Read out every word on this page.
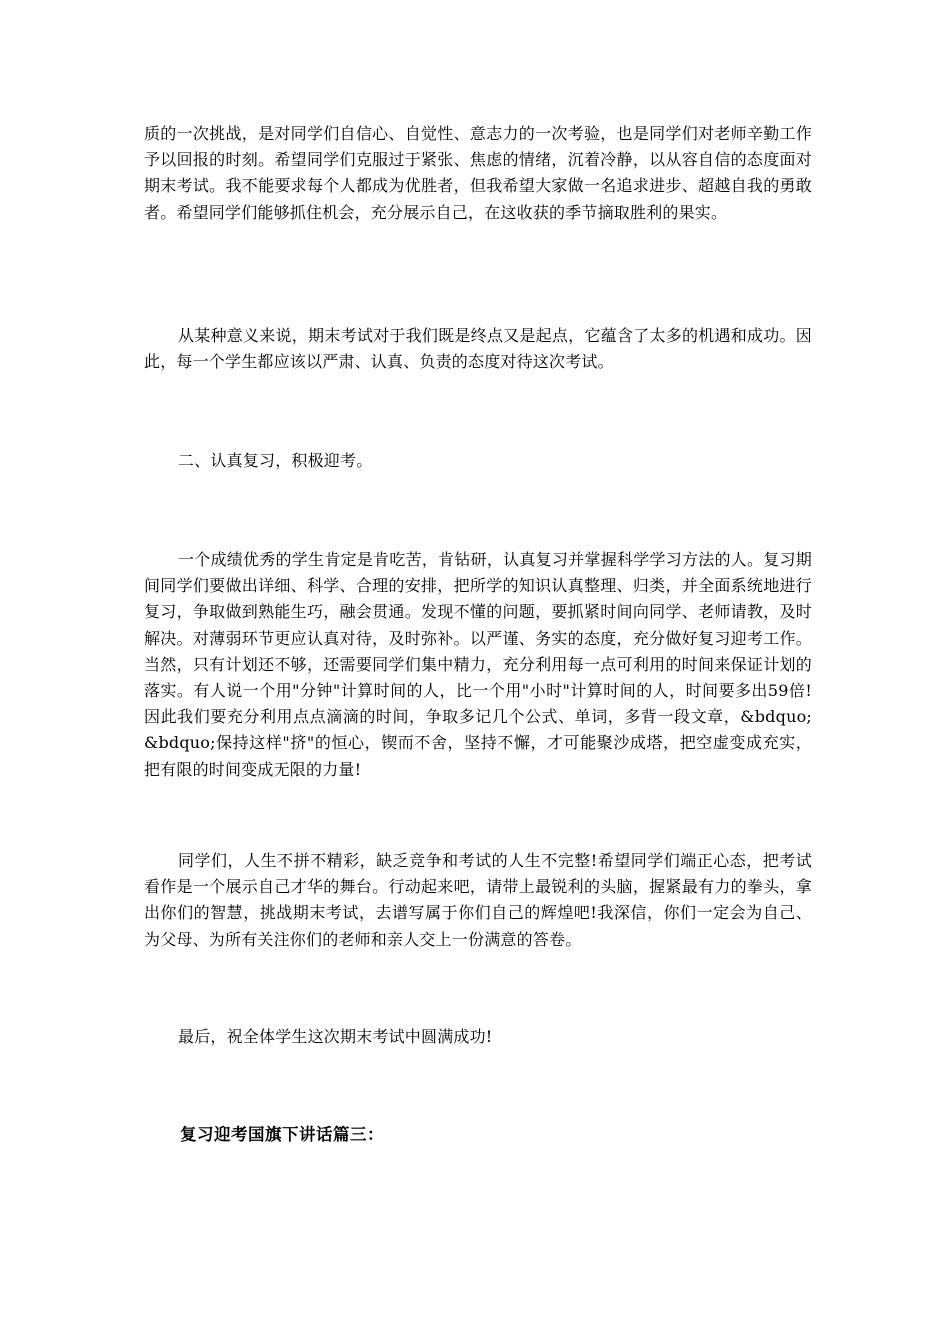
质的一次挑战，是对同学们自信心、自觉性、意志力的一次考验，也是同学们对老师辛勤工作予以回报的时刻。希望同学们克服过于紧张、焦虑的情绪，沉着冷静，以从容自信的态度面对期末考试。我不能要求每个人都成为优胜者，但我希望大家做一名追求进步、超越自我的勇敢者。希望同学们能够抓住机会，充分展示自己，在这收获的季节摘取胜利的果实。

从某种意义来说，期末考试对于我们既是终点又是起点，它蕴含了太多的机遇和成功。因此，每一个学生都应该以严肃、认真、负责的态度对待这次考试。

二、认真复习，积极迎考。

一个成绩优秀的学生肯定是肯吃苦，肯钻研，认真复习并掌握科学学习方法的人。复习期间同学们要做出详细、科学、合理的安排，把所学的知识认真整理、归类，并全面系统地进行复习，争取做到熟能生巧，融会贯通。发现不懂的问题，要抓紧时间向同学、老师请教，及时解决。对薄弱环节更应认真对待，及时弥补。以严谨、务实的态度，充分做好复习迎考工作。当然，只有计划还不够，还需要同学们集中精力，充分利用每一点可利用的时间来保证计划的落实。有人说一个用"分钟"计算时间的人，比一个用"小时"计算时间的人，时间要多出59倍!因此我们要充分利用点点滴滴的时间，争取多记几个公式、单词，多背一段文章，&bdquo;&bdquo;保持这样"挤"的恒心，锲而不舍，坚持不懈，才可能聚沙成塔，把空虚变成充实，把有限的时间变成无限的力量!

同学们，人生不拼不精彩，缺乏竞争和考试的人生不完整!希望同学们端正心态，把考试看作是一个展示自己才华的舞台。行动起来吧，请带上最锐利的头脑，握紧最有力的拳头，拿出你们的智慧，挑战期末考试，去谱写属于你们自己的辉煌吧!我深信，你们一定会为自己、为父母、为所有关注你们的老师和亲人交上一份满意的答卷。

最后，祝全体学生这次期末考试中圆满成功!

复习迎考国旗下讲话篇三：
